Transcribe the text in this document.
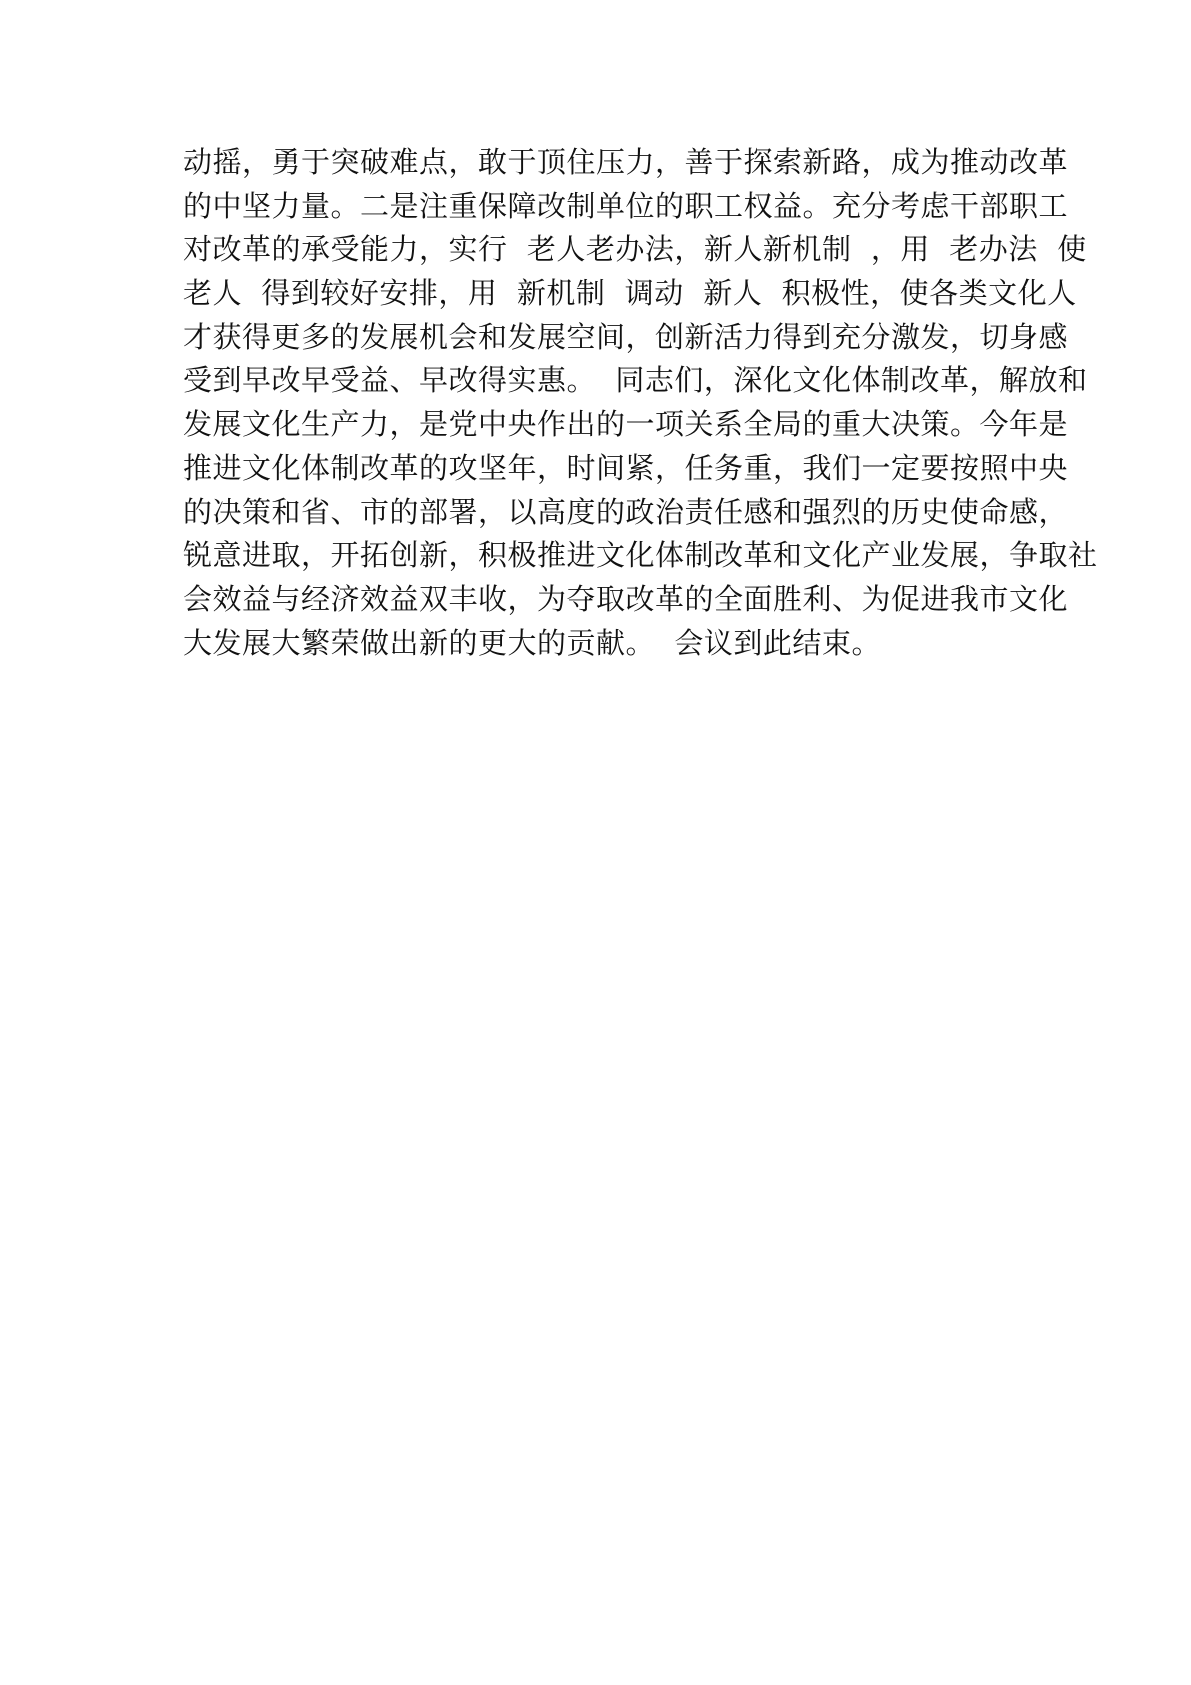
动摇，勇于突破难点，敢于顶住压力，善于探索新路，成为推动改革
的中坚力量。二是注重保障改制单位的职工权益。充分考虑干部职工
对改革的承受能力，实行  老人老办法，新人新机制  ，用  老办法  使
老人  得到较好安排，用  新机制  调动  新人  积极性，使各类文化人
才获得更多的发展机会和发展空间，创新活力得到充分激发，切身感
受到早改早受益、早改得实惠。  同志们，深化文化体制改革，解放和
发展文化生产力，是党中央作出的一项关系全局的重大决策。今年是
推进文化体制改革的攻坚年，时间紧，任务重，我们一定要按照中央
的决策和省、市的部署，以高度的政治责任感和强烈的历史使命感，
锐意进取，开拓创新，积极推进文化体制改革和文化产业发展，争取社
会效益与经济效益双丰收，为夺取改革的全面胜利、为促进我市文化
大发展大繁荣做出新的更大的贡献。  会议到此结束。
